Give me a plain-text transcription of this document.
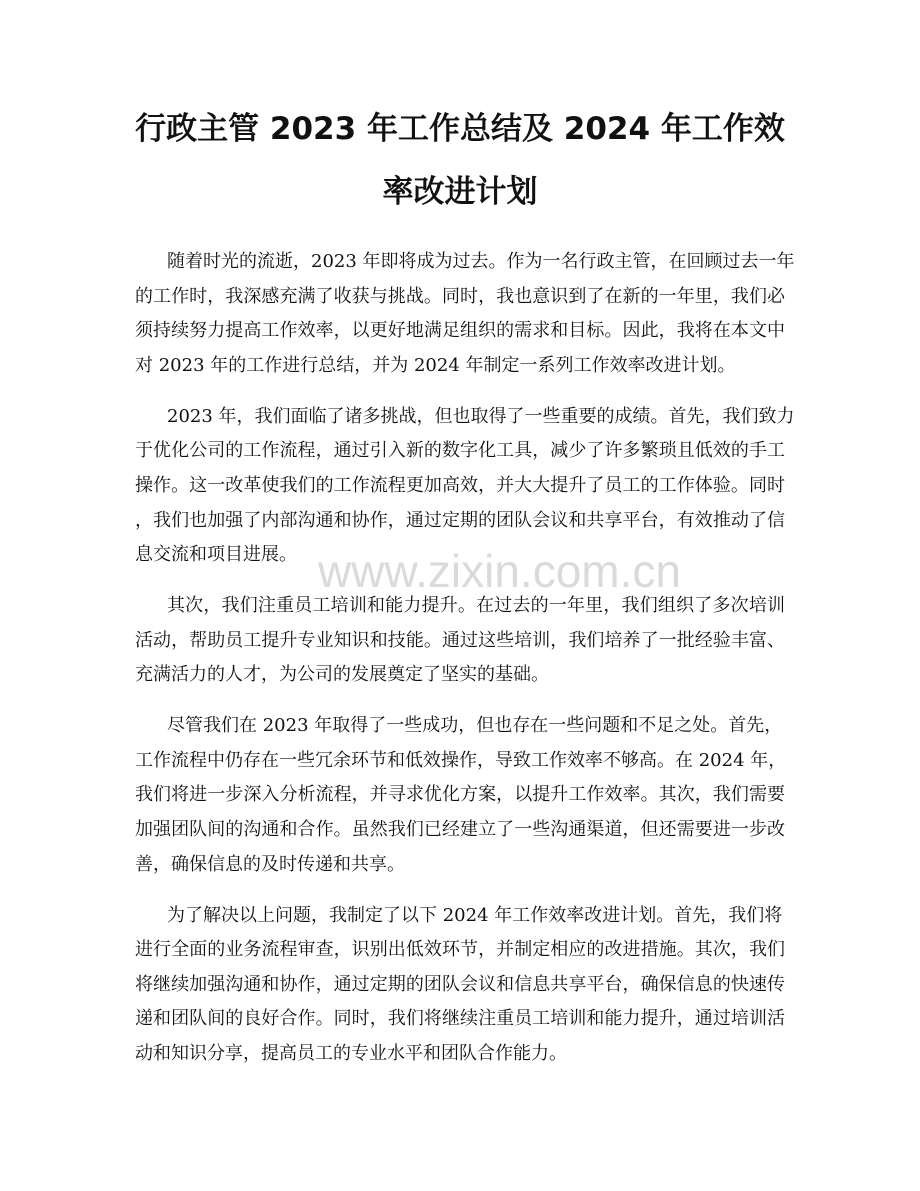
www.zixin.com.cn
行政主管 2023 年工作总结及 2024 年工作效
率改进计划

随着时光的流逝，2023 年即将成为过去。作为一名行政主管，在回顾过去一年
的工作时，我深感充满了收获与挑战。同时，我也意识到了在新的一年里，我们必
须持续努力提高工作效率，以更好地满足组织的需求和目标。因此，我将在本文中
对 2023 年的工作进行总结，并为 2024 年制定一系列工作效率改进计划。

2023 年，我们面临了诸多挑战，但也取得了一些重要的成绩。首先，我们致力
于优化公司的工作流程，通过引入新的数字化工具，减少了许多繁琐且低效的手工
操作。这一改革使我们的工作流程更加高效，并大大提升了员工的工作体验。同时
，我们也加强了内部沟通和协作，通过定期的团队会议和共享平台，有效推动了信
息交流和项目进展。

其次，我们注重员工培训和能力提升。在过去的一年里，我们组织了多次培训
活动，帮助员工提升专业知识和技能。通过这些培训，我们培养了一批经验丰富、
充满活力的人才，为公司的发展奠定了坚实的基础。

尽管我们在 2023 年取得了一些成功，但也存在一些问题和不足之处。首先，
工作流程中仍存在一些冗余环节和低效操作，导致工作效率不够高。在 2024 年，
我们将进一步深入分析流程，并寻求优化方案，以提升工作效率。其次，我们需要
加强团队间的沟通和合作。虽然我们已经建立了一些沟通渠道，但还需要进一步改
善，确保信息的及时传递和共享。

为了解决以上问题，我制定了以下 2024 年工作效率改进计划。首先，我们将
进行全面的业务流程审查，识别出低效环节，并制定相应的改进措施。其次，我们
将继续加强沟通和协作，通过定期的团队会议和信息共享平台，确保信息的快速传
递和团队间的良好合作。同时，我们将继续注重员工培训和能力提升，通过培训活
动和知识分享，提高员工的专业水平和团队合作能力。
